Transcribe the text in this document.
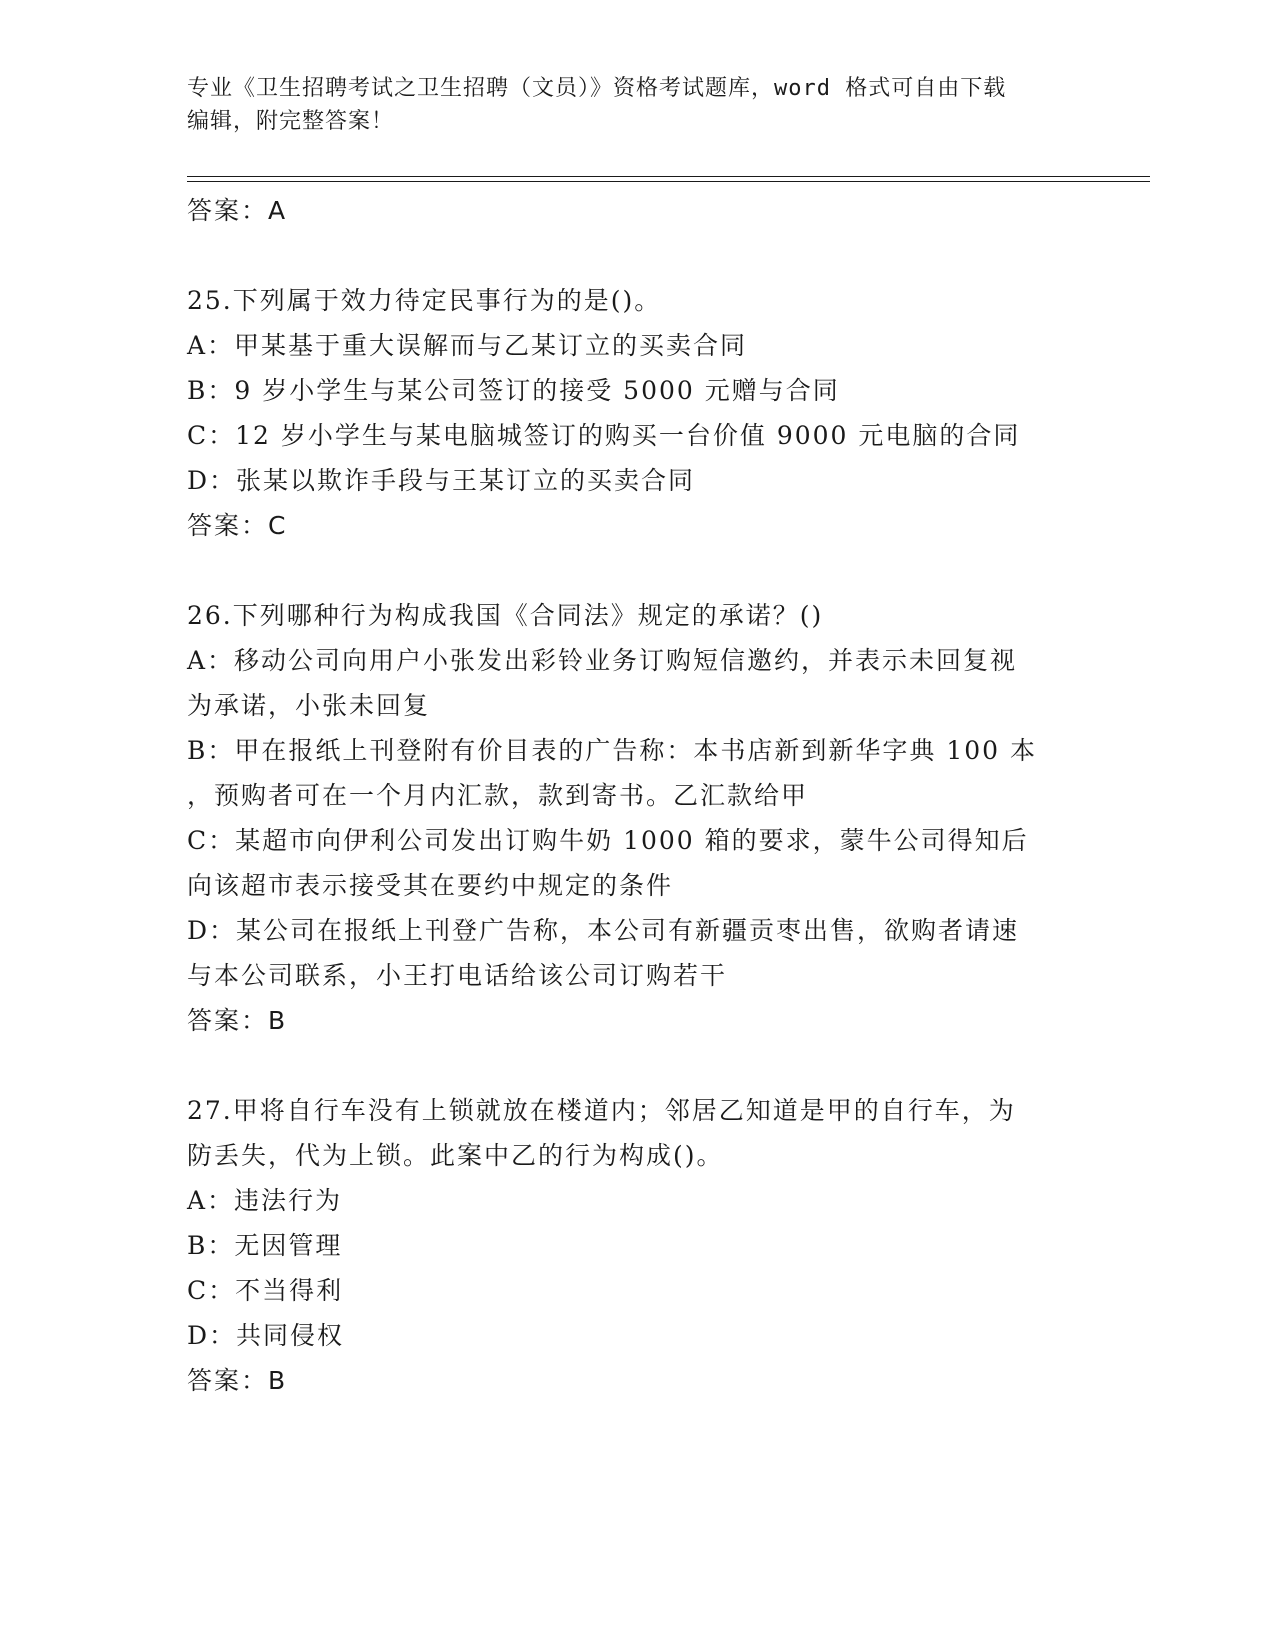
专业《卫生招聘考试之卫生招聘（文员）》资格考试题库，word 格式可自由下载
编辑，附完整答案！
答案：A
25.下列属于效力待定民事行为的是()。
A：甲某基于重大误解而与乙某订立的买卖合同
B：9 岁小学生与某公司签订的接受 5000 元赠与合同
C：12 岁小学生与某电脑城签订的购买一台价值 9000 元电脑的合同
D：张某以欺诈手段与王某订立的买卖合同
答案：C
26.下列哪种行为构成我国《合同法》规定的承诺？()
A：移动公司向用户小张发出彩铃业务订购短信邀约，并表示未回复视
为承诺，小张未回复
B：甲在报纸上刊登附有价目表的广告称：本书店新到新华字典 100 本
，预购者可在一个月内汇款，款到寄书。乙汇款给甲
C：某超市向伊利公司发出订购牛奶 1000 箱的要求，蒙牛公司得知后
向该超市表示接受其在要约中规定的条件
D：某公司在报纸上刊登广告称，本公司有新疆贡枣出售，欲购者请速
与本公司联系，小王打电话给该公司订购若干
答案：B
27.甲将自行车没有上锁就放在楼道内；邻居乙知道是甲的自行车，为
防丢失，代为上锁。此案中乙的行为构成()。
A：违法行为
B：无因管理
C：不当得利
D：共同侵权
答案：B
